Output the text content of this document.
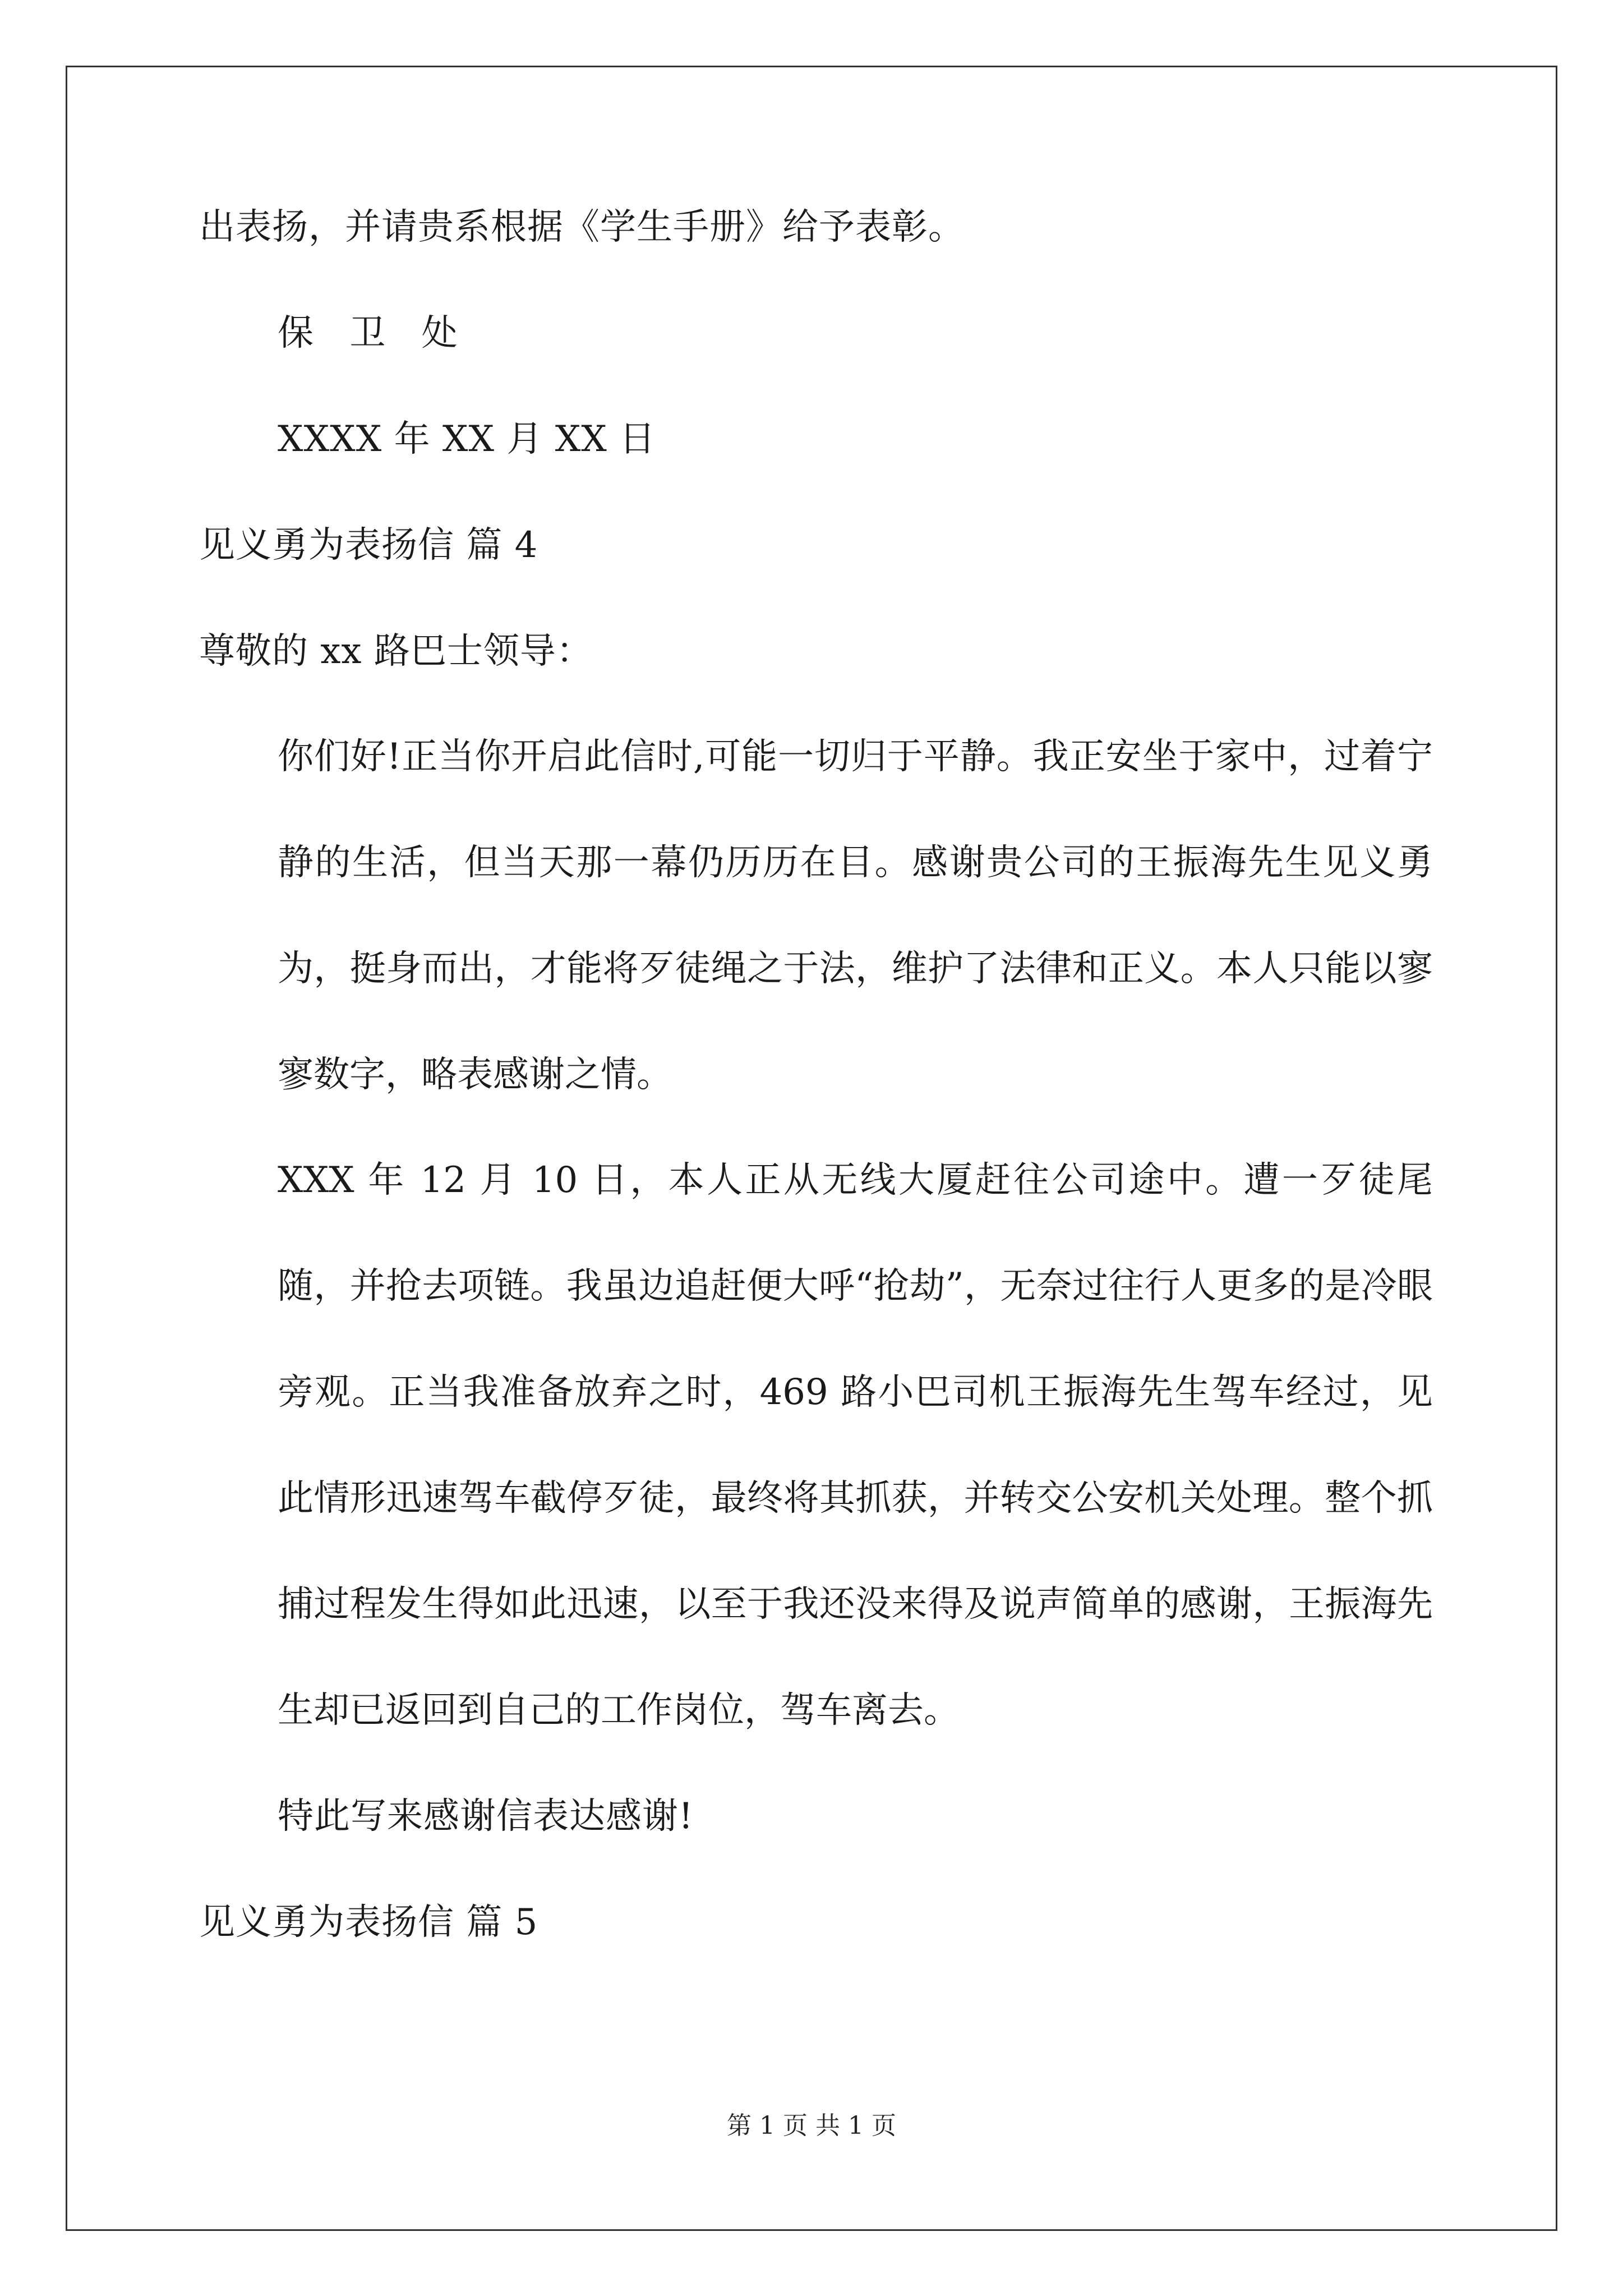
出表扬，并请贵系根据《学生手册》给予表彰。
保 卫 处
XXXX 年 XX 月 XX 日
见义勇为表扬信 篇 4
尊敬的 xx 路巴士领导：

你们好!正当你开启此信时,可能一切归于平静。我正安坐于家中，过着宁静的生活，但当天那一幕仍历历在目。感谢贵公司的王振海先生见义勇为，挺身而出，才能将歹徒绳之于法，维护了法律和正义。本人只能以寥寥数字，略表感谢之情。

XXX 年 12 月 10 日，本人正从无线大厦赶往公司途中。遭一歹徒尾随，并抢去项链。我虽边追赶便大呼“抢劫”，无奈过往行人更多的是冷眼旁观。正当我准备放弃之时，469 路小巴司机王振海先生驾车经过，见此情形迅速驾车截停歹徒，最终将其抓获，并转交公安机关处理。整个抓捕过程发生得如此迅速，以至于我还没来得及说声简单的感谢，王振海先生却已返回到自己的工作岗位，驾车离去。

特此写来感谢信表达感谢!
见义勇为表扬信 篇 5
第 1 页 共 1 页
